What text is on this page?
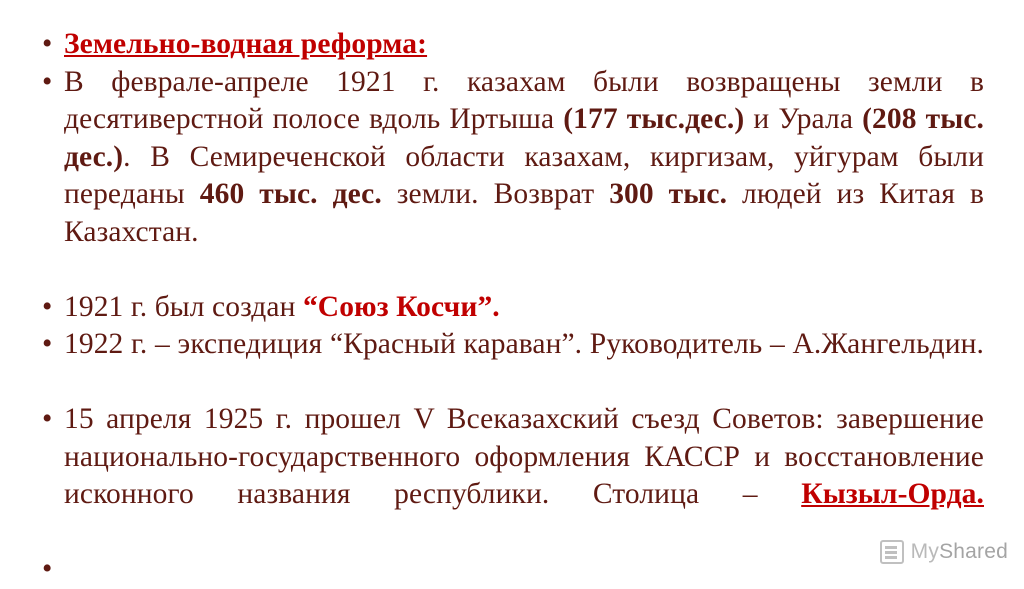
• Земельно-водная реформа:
• В феврале-апреле 1921 г. казахам были возвращены земли в десятиверстной полосе вдоль Иртыша (177 тыс.дес.) и Урала (208 тыс. дес.). В Семиреченской области казахам, киргизам, уйгурам были переданы 460 тыс. дес. земли. Возврат 300 тыс. людей из Китая в Казахстан.
• 1921 г. был создан “Союз Косчи”.
• 1922 г. – экспедиция “Красный караван”. Руководитель – А.Жангельдин.
• 15 апреля 1925 г. прошел V Всеказахский съезд Советов: завершение национально-государственного оформления КАССР и восстановление исконного названия республики. Столица – Кызыл-Орда.
•

MyShared
